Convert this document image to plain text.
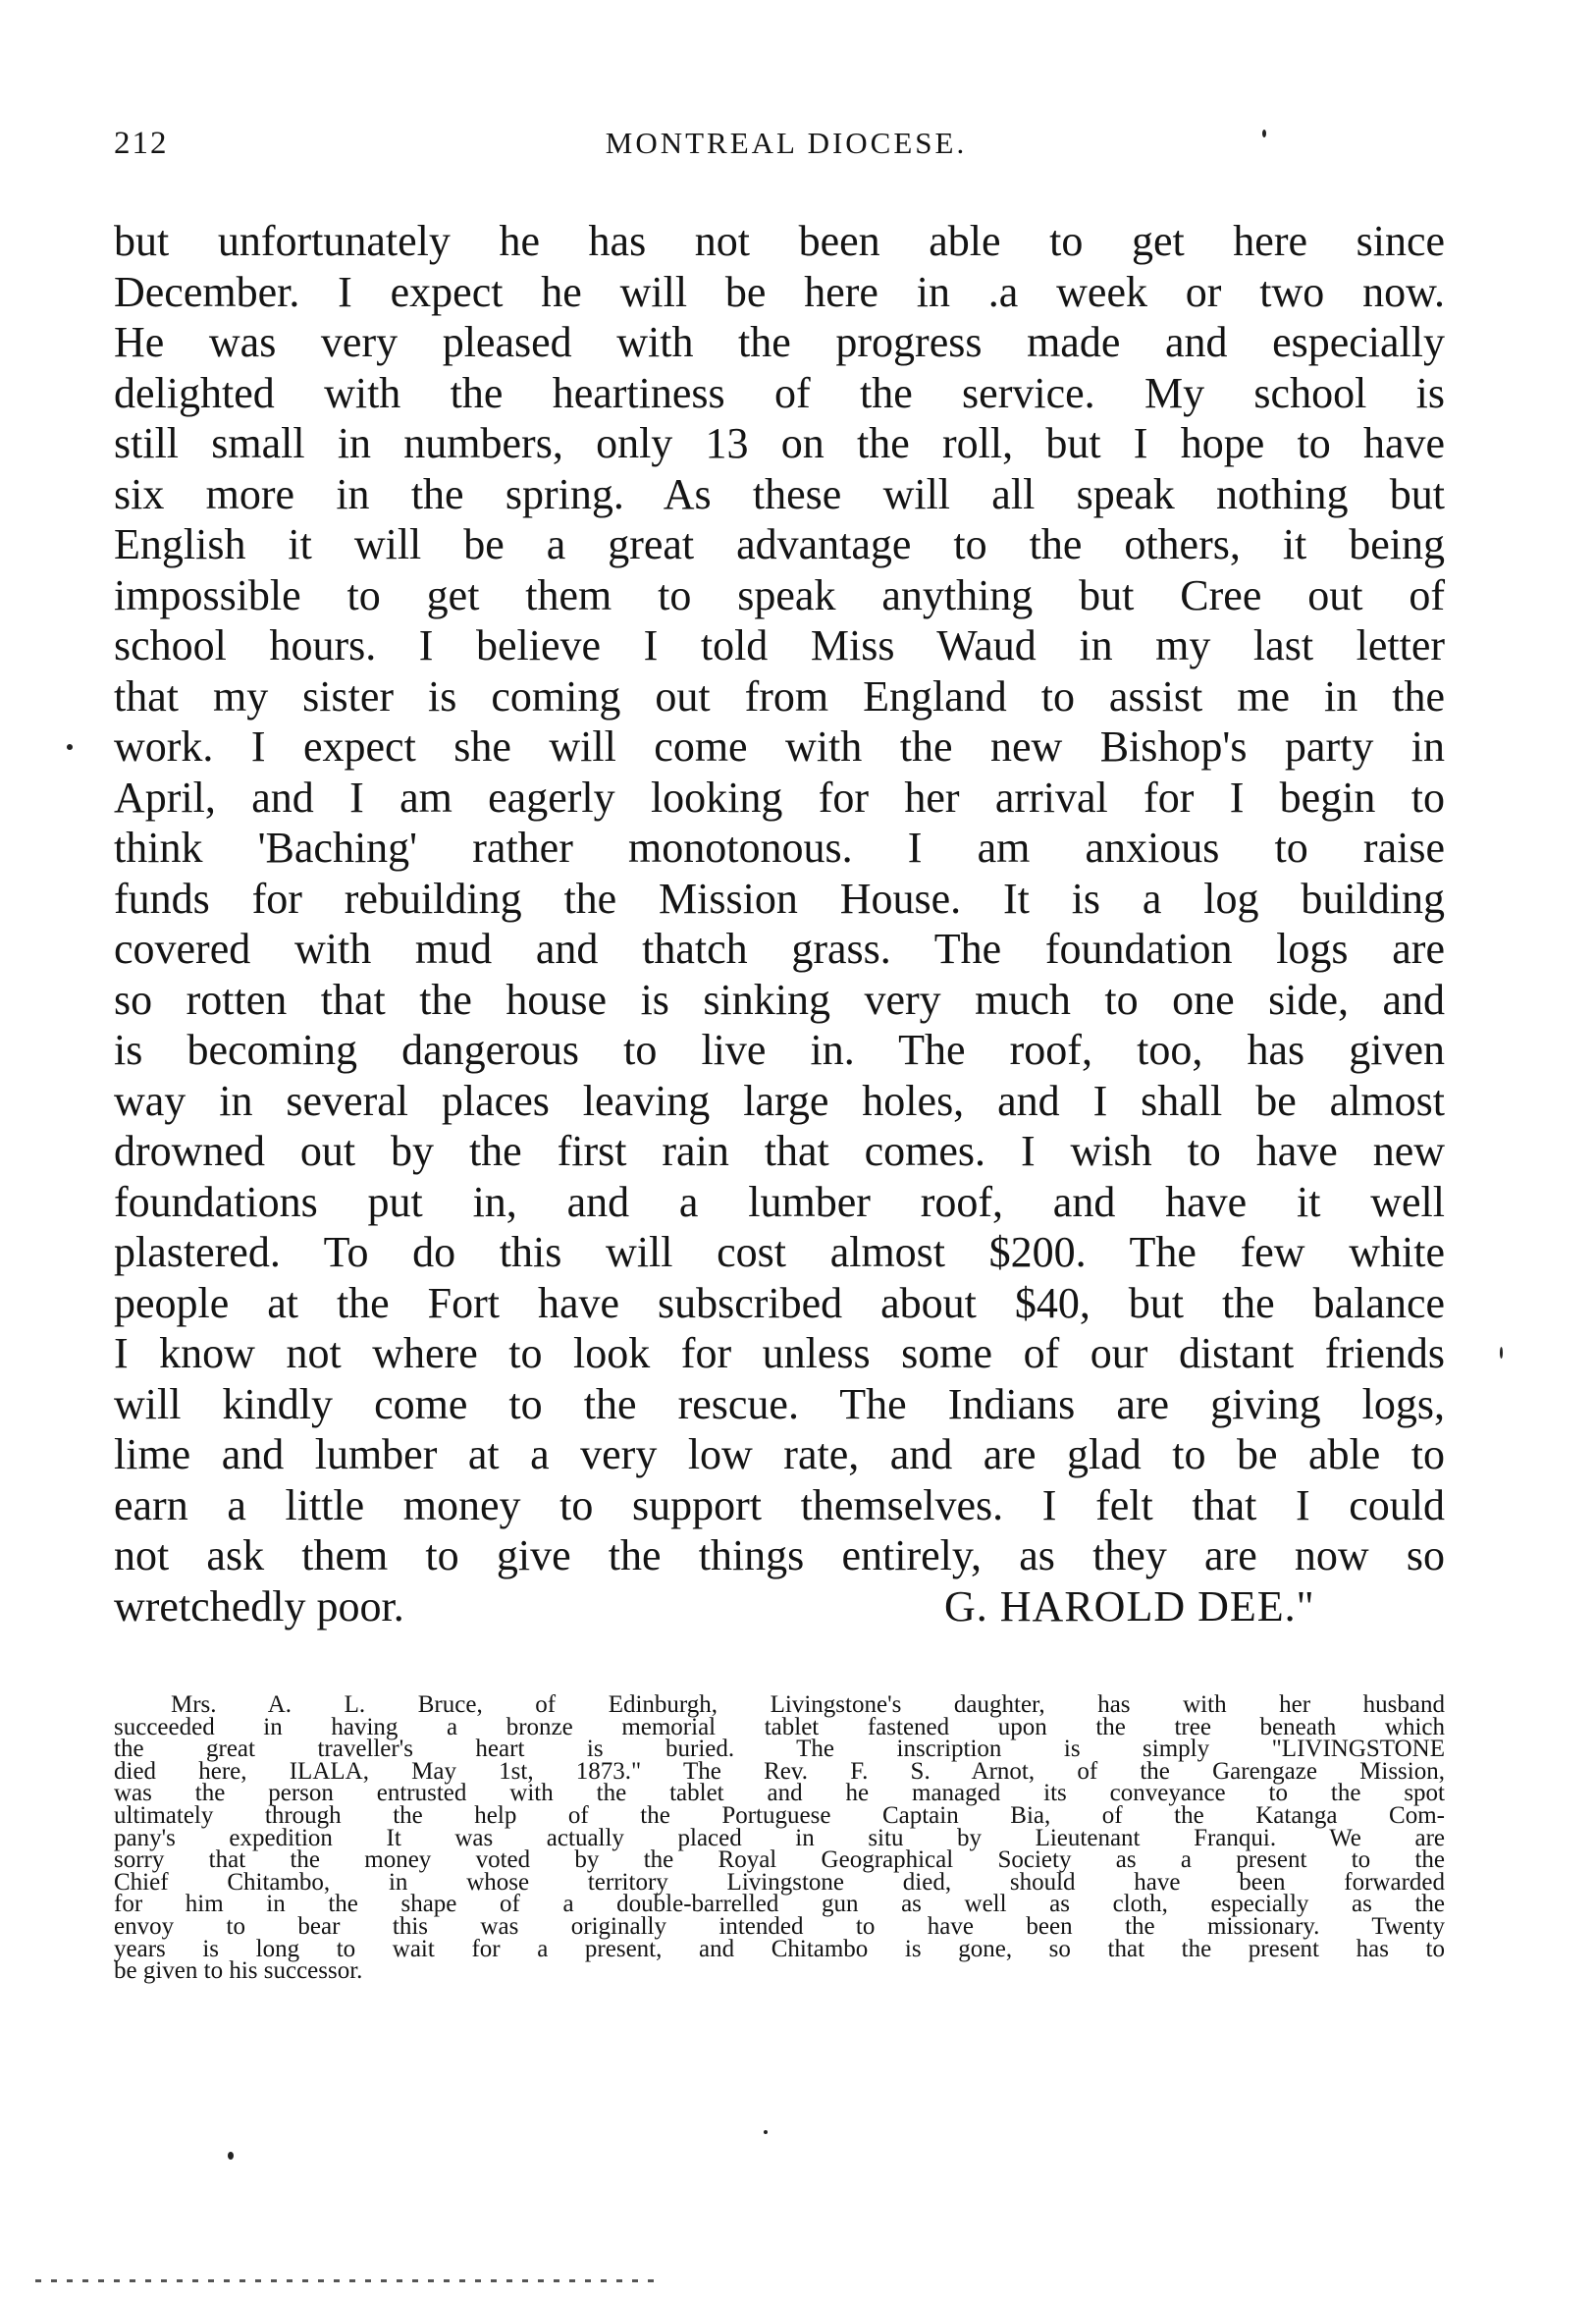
212	MONTREAL DIOCESE.
but unfortunately he has not been able to get here since
December. I expect he will be here in .a week or two now.
He was very pleased with the progress made and especially
delighted with the heartiness of the service. My school is
still small in numbers, only 13 on the roll, but I hope to have
six more in the spring. As these will all speak nothing but
English it will be a great advantage to the others, it being
impossible to get them to speak anything but Cree out of
school hours. I believe I told Miss Waud in my last letter
that my sister is coming out from England to assist me in the
work. I expect she will come with the new Bishop's party in
April, and I am eagerly looking for her arrival for I begin to
think 'Baching' rather monotonous. I am anxious to raise
funds for rebuilding the Mission House. It is a log building
covered with mud and thatch grass. The foundation logs are
so rotten that the house is sinking very much to one side, and
is becoming dangerous to live in. The roof, too, has given
way in several places leaving large holes, and I shall be almost
drowned out by the first rain that comes. I wish to have new
foundations put in, and a lumber roof, and have it well
plastered. To do this will cost almost $200. The few white
people at the Fort have subscribed about $40, but the balance
I know not where to look for unless some of our distant friends
will kindly come to the rescue. The Indians are giving logs,
lime and lumber at a very low rate, and are glad to be able to
earn a little money to support themselves. I felt that I could
not ask them to give the things entirely, as they are now so
wretchedly poor.	G. HAROLD DEE."
Mrs. A. L. Bruce, of Edinburgh, Livingstone's daughter, has with her husband
succeeded in having a bronze memorial tablet fastened upon the tree beneath which
the great traveller's heart is buried. The inscription is simply "LIVINGSTONE
died here, ILALA, May 1st, 1873." The Rev. F. S. Arnot, of the Garengaze Mission,
was the person entrusted with the tablet and he managed its conveyance to the spot
ultimately through the help of the Portuguese Captain Bia, of the Katanga Com-
pany's expedition It was actually placed in situ by Lieutenant Franqui. We are
sorry that the money voted by the Royal Geographical Society as a present to the
Chief Chitambo, in whose territory Livingstone died, should have been forwarded
for him in the shape of a double-barrelled gun as well as cloth, especially as the
envoy to bear this was originally intended to have been the missionary. Twenty
years is long to wait for a present, and Chitambo is gone, so that the present has to
be given to his successor.
